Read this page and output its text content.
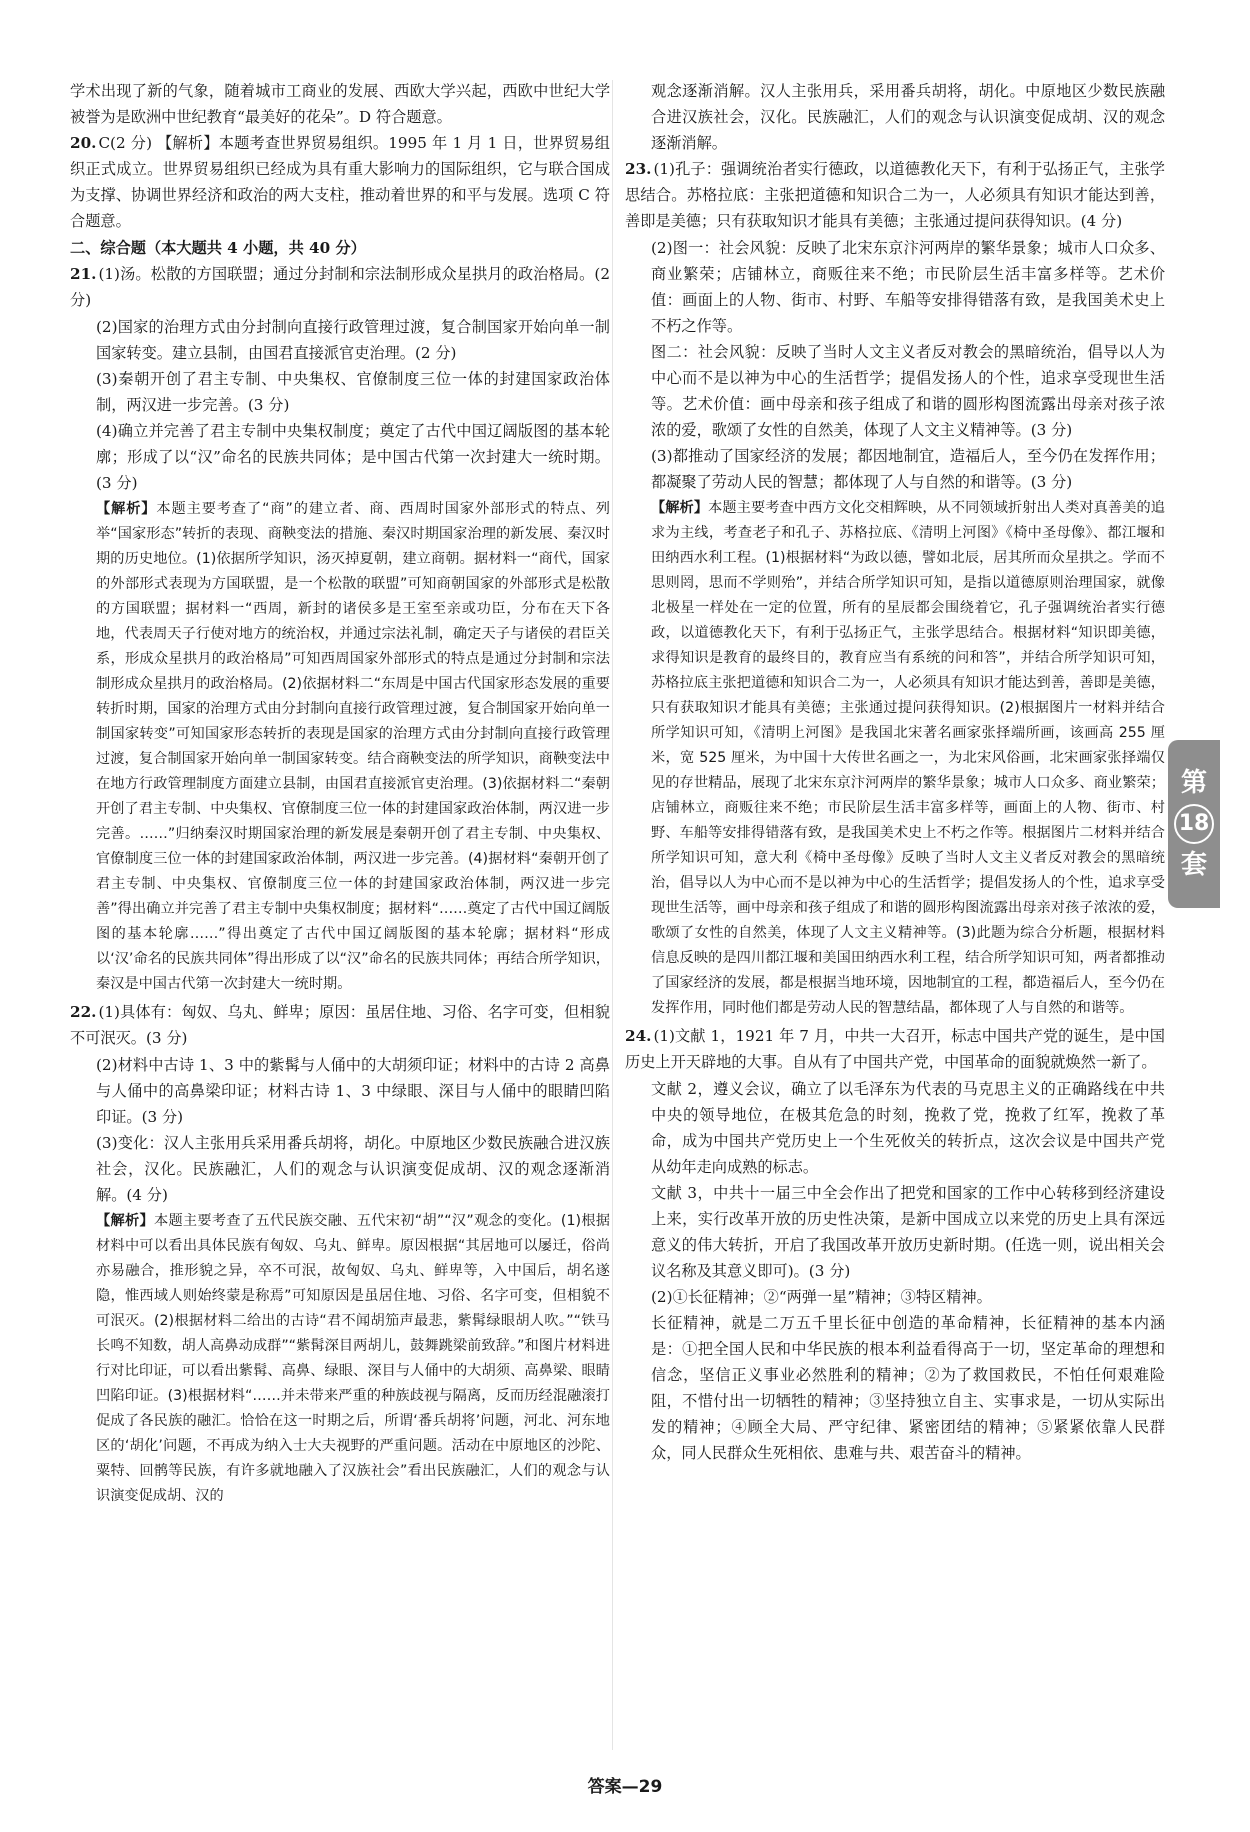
学术出现了新的气象，随着城市工商业的发展、西欧大学兴起，西欧中世纪大学被誉为是欧洲中世纪教育“最美好的花朵”。D 符合题意。

20. C(2 分) 【解析】本题考查世界贸易组织。1995 年 1 月 1 日，世界贸易组织正式成立。世界贸易组织已经成为具有重大影响力的国际组织，它与联合国成为支撑、协调世界经济和政治的两大支柱，推动着世界的和平与发展。选项 C 符合题意。

二、综合题（本大题共 4 小题，共 40 分）

21. (1)汤。松散的方国联盟；通过分封制和宗法制形成众星拱月的政治格局。(2 分)

(2)国家的治理方式由分封制向直接行政管理过渡，复合制国家开始向单一制国家转变。建立县制，由国君直接派官吏治理。(2 分)

(3)秦朝开创了君主专制、中央集权、官僚制度三位一体的封建国家政治体制，两汉进一步完善。(3 分)

(4)确立并完善了君主专制中央集权制度；奠定了古代中国辽阔版图的基本轮廓；形成了以“汉”命名的民族共同体；是中国古代第一次封建大一统时期。(3 分)

【解析】本题主要考查了“商”的建立者、商、西周时国家外部形式的特点、列举“国家形态”转折的表现、商鞅变法的措施、秦汉时期国家治理的新发展、秦汉时期的历史地位。(1)依据所学知识，汤灭掉夏朝，建立商朝。据材料一“商代，国家的外部形式表现为方国联盟，是一个松散的联盟”可知商朝国家的外部形式是松散的方国联盟；据材料一“西周，新封的诸侯多是王室至亲或功臣，分布在天下各地，代表周天子行使对地方的统治权，并通过宗法礼制，确定天子与诸侯的君臣关系，形成众星拱月的政治格局”可知西周国家外部形式的特点是通过分封制和宗法制形成众星拱月的政治格局。(2)依据材料二“东周是中国古代国家形态发展的重要转折时期，国家的治理方式由分封制向直接行政管理过渡，复合制国家开始向单一制国家转变”可知国家形态转折的表现是国家的治理方式由分封制向直接行政管理过渡，复合制国家开始向单一制国家转变。结合商鞅变法的所学知识，商鞅变法中在地方行政管理制度方面建立县制，由国君直接派官吏治理。(3)依据材料二“秦朝开创了君主专制、中央集权、官僚制度三位一体的封建国家政治体制，两汉进一步完善。……”归纳秦汉时期国家治理的新发展是秦朝开创了君主专制、中央集权、官僚制度三位一体的封建国家政治体制，两汉进一步完善。(4)据材料“秦朝开创了君主专制、中央集权、官僚制度三位一体的封建国家政治体制，两汉进一步完善”得出确立并完善了君主专制中央集权制度；据材料“……奠定了古代中国辽阔版图的基本轮廓……”得出奠定了古代中国辽阔版图的基本轮廓；据材料“形成以‘汉’命名的民族共同体”得出形成了以“汉”命名的民族共同体；再结合所学知识，秦汉是中国古代第一次封建大一统时期。

22. (1)具体有：匈奴、乌丸、鲜卑；原因：虽居住地、习俗、名字可变，但相貌不可泯灭。(3 分)

(2)材料中古诗 1、3 中的紫髯与人俑中的大胡须印证；材料中的古诗 2 高鼻与人俑中的高鼻梁印证；材料古诗 1、3 中绿眼、深目与人俑中的眼睛凹陷印证。(3 分)

(3)变化：汉人主张用兵采用番兵胡将，胡化。中原地区少数民族融合进汉族社会，汉化。民族融汇，人们的观念与认识演变促成胡、汉的观念逐渐消解。(4 分)

【解析】本题主要考查了五代民族交融、五代宋初“胡”“汉”观念的变化。(1)根据材料中可以看出具体民族有匈奴、乌丸、鲜卑。原因根据“其居地可以屡迁，俗尚亦易融合，推形貌之异，卒不可泯，故匈奴、乌丸、鲜卑等，入中国后，胡名遂隐，惟西域人则始终蒙是称焉”可知原因是虽居住地、习俗、名字可变，但相貌不可泯灭。(2)根据材料二给出的古诗“君不闻胡笳声最悲，紫髯绿眼胡人吹。”“铁马长鸣不知数，胡人高鼻动成群”“紫髯深目两胡儿，鼓舞跳梁前致辞。”和图片材料进行对比印证，可以看出紫髯、高鼻、绿眼、深目与人俑中的大胡须、高鼻梁、眼睛凹陷印证。(3)根据材料“……并未带来严重的种族歧视与隔离，反而历经混融滚打促成了各民族的融汇。恰恰在这一时期之后，所谓‘番兵胡将’问题，河北、河东地区的‘胡化’问题，不再成为纳入士大夫视野的严重问题。活动在中原地区的沙陀、粟特、回鹘等民族，有许多就地融入了汉族社会”看出民族融汇，人们的观念与认识演变促成胡、汉的

观念逐渐消解。汉人主张用兵，采用番兵胡将，胡化。中原地区少数民族融合进汉族社会，汉化。民族融汇，人们的观念与认识演变促成胡、汉的观念逐渐消解。

23. (1)孔子：强调统治者实行德政，以道德教化天下，有利于弘扬正气，主张学思结合。苏格拉底：主张把道德和知识合二为一，人必须具有知识才能达到善，善即是美德；只有获取知识才能具有美德；主张通过提问获得知识。(4 分)

(2)图一：社会风貌：反映了北宋东京汴河两岸的繁华景象；城市人口众多、商业繁荣；店铺林立，商贩往来不绝；市民阶层生活丰富多样等。艺术价值：画面上的人物、街市、村野、车船等安排得错落有致，是我国美术史上不朽之作等。

图二：社会风貌：反映了当时人文主义者反对教会的黑暗统治，倡导以人为中心而不是以神为中心的生活哲学；提倡发扬人的个性，追求享受现世生活等。艺术价值：画中母亲和孩子组成了和谐的圆形构图流露出母亲对孩子浓浓的爱，歌颂了女性的自然美，体现了人文主义精神等。(3 分)

(3)都推动了国家经济的发展；都因地制宜，造福后人，至今仍在发挥作用；都凝聚了劳动人民的智慧；都体现了人与自然的和谐等。(3 分)

【解析】本题主要考查中西方文化交相辉映，从不同领域折射出人类对真善美的追求为主线，考查老子和孔子、苏格拉底、《清明上河图》《椅中圣母像》、都江堰和田纳西水利工程。(1)根据材料“为政以德，譬如北辰，居其所而众星拱之。学而不思则罔，思而不学则殆”，并结合所学知识可知，是指以道德原则治理国家，就像北极星一样处在一定的位置，所有的星辰都会围绕着它，孔子强调统治者实行德政，以道德教化天下，有利于弘扬正气，主张学思结合。根据材料“知识即美德，求得知识是教育的最终目的，教育应当有系统的问和答”，并结合所学知识可知，苏格拉底主张把道德和知识合二为一，人必须具有知识才能达到善，善即是美德，只有获取知识才能具有美德；主张通过提问获得知识。(2)根据图片一材料并结合所学知识可知，《清明上河图》是我国北宋著名画家张择端所画，该画高 255 厘米，宽 525 厘米，为中国十大传世名画之一，为北宋风俗画，北宋画家张择端仅见的存世精品，展现了北宋东京汴河两岸的繁华景象；城市人口众多、商业繁荣；店铺林立，商贩往来不绝；市民阶层生活丰富多样等，画面上的人物、街市、村野、车船等安排得错落有致，是我国美术史上不朽之作等。根据图片二材料并结合所学知识可知，意大利《椅中圣母像》反映了当时人文主义者反对教会的黑暗统治，倡导以人为中心而不是以神为中心的生活哲学；提倡发扬人的个性，追求享受现世生活等，画中母亲和孩子组成了和谐的圆形构图流露出母亲对孩子浓浓的爱，歌颂了女性的自然美，体现了人文主义精神等。(3)此题为综合分析题，根据材料信息反映的是四川都江堰和美国田纳西水利工程，结合所学知识可知，两者都推动了国家经济的发展，都是根据当地环境，因地制宜的工程，都造福后人，至今仍在发挥作用，同时他们都是劳动人民的智慧结晶，都体现了人与自然的和谐等。

24. (1)文献 1，1921 年 7 月，中共一大召开，标志中国共产党的诞生，是中国历史上开天辟地的大事。自从有了中国共产党，中国革命的面貌就焕然一新了。

文献 2，遵义会议，确立了以毛泽东为代表的马克思主义的正确路线在中共中央的领导地位，在极其危急的时刻，挽救了党，挽救了红军，挽救了革命，成为中国共产党历史上一个生死攸关的转折点，这次会议是中国共产党从幼年走向成熟的标志。

文献 3，中共十一届三中全会作出了把党和国家的工作中心转移到经济建设上来，实行改革开放的历史性决策，是新中国成立以来党的历史上具有深远意义的伟大转折，开启了我国改革开放历史新时期。(任选一则，说出相关会议名称及其意义即可)。(3 分)

(2)①长征精神；②“两弹一星”精神；③特区精神。

长征精神，就是二万五千里长征中创造的革命精神，长征精神的基本内涵是：①把全国人民和中华民族的根本利益看得高于一切，坚定革命的理想和信念，坚信正义事业必然胜利的精神；②为了救国救民，不怕任何艰难险阻，不惜付出一切牺牲的精神；③坚持独立自主、实事求是，一切从实际出发的精神；④顾全大局、严守纪律、紧密团结的精神；⑤紧紧依靠人民群众，同人民群众生死相依、患难与共、艰苦奋斗的精神。

第
18
套
答案—29
